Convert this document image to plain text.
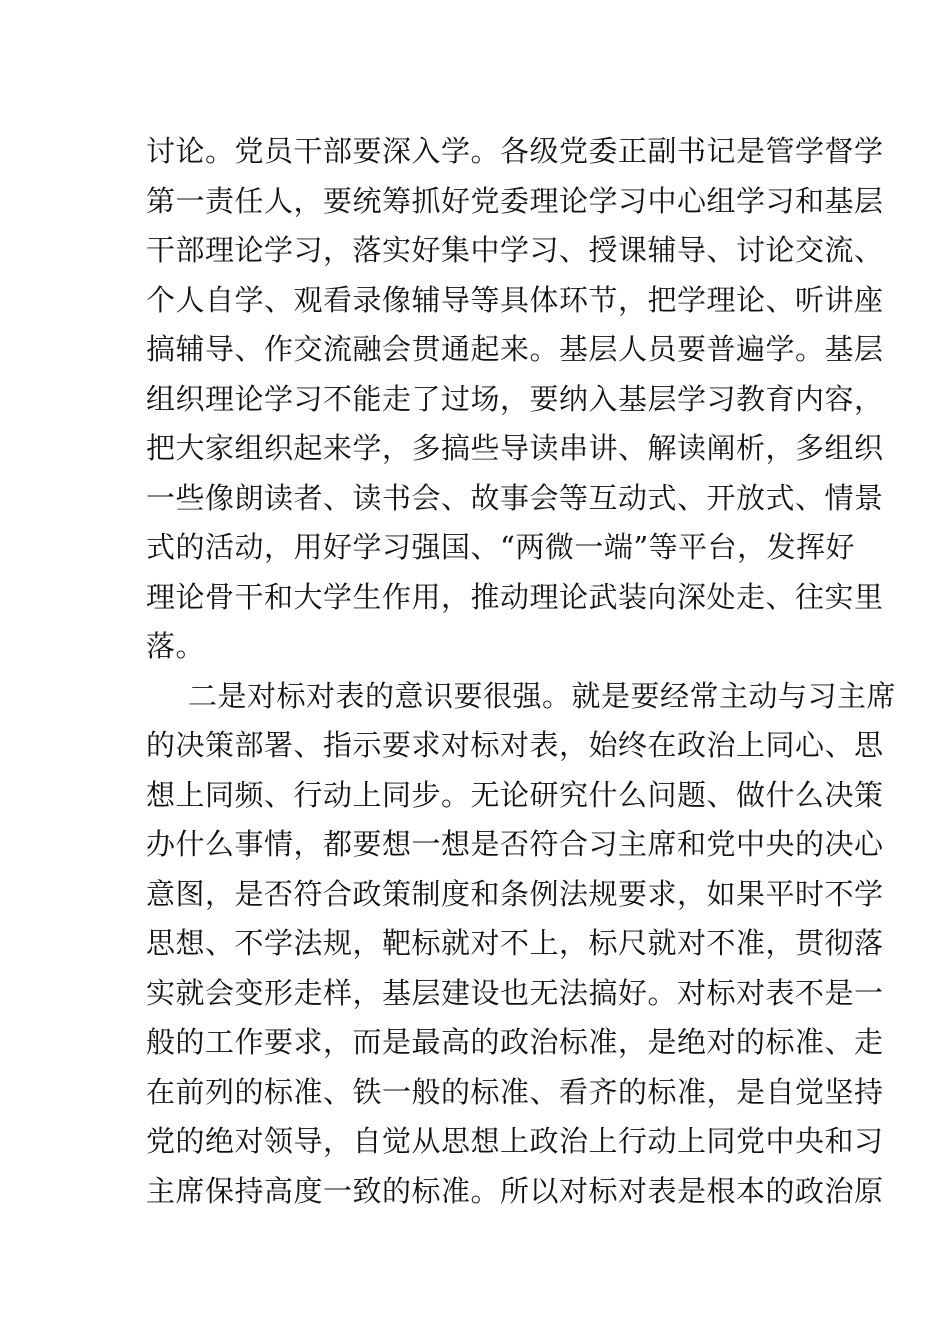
讨论。党员干部要深入学。各级党委正副书记是管学督学
第一责任人，要统筹抓好党委理论学习中心组学习和基层
干部理论学习，落实好集中学习、授课辅导、讨论交流、
个人自学、观看录像辅导等具体环节，把学理论、听讲座
搞辅导、作交流融会贯通起来。基层人员要普遍学。基层
组织理论学习不能走了过场，要纳入基层学习教育内容，
把大家组织起来学，多搞些导读串讲、解读阐析，多组织
一些像朗读者、读书会、故事会等互动式、开放式、情景
式的活动，用好学习强国、“两微一端”等平台，发挥好
理论骨干和大学生作用，推动理论武装向深处走、往实里
落。
二是对标对表的意识要很强。就是要经常主动与习主席
的决策部署、指示要求对标对表，始终在政治上同心、思
想上同频、行动上同步。无论研究什么问题、做什么决策
办什么事情，都要想一想是否符合习主席和党中央的决心
意图，是否符合政策制度和条例法规要求，如果平时不学
思想、不学法规，靶标就对不上，标尺就对不准，贯彻落
实就会变形走样，基层建设也无法搞好。对标对表不是一
般的工作要求，而是最高的政治标准，是绝对的标准、走
在前列的标准、铁一般的标准、看齐的标准，是自觉坚持
党的绝对领导，自觉从思想上政治上行动上同党中央和习
主席保持高度一致的标准。所以对标对表是根本的政治原
